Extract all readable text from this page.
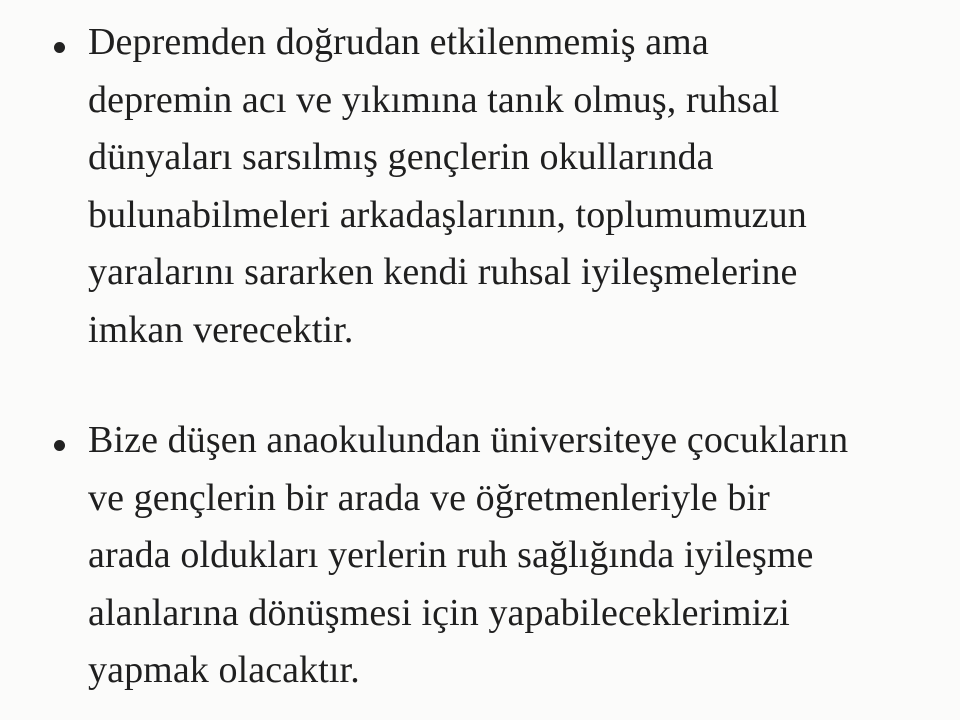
Depremden doğrudan etkilenmemiş ama
depremin acı ve yıkımına tanık olmuş, ruhsal
dünyaları sarsılmış gençlerin okullarında
bulunabilmeleri arkadaşlarının, toplumumuzun
yaralarını sararken kendi ruhsal iyileşmelerine
imkan verecektir.
Bize düşen anaokulundan üniversiteye çocukların
ve gençlerin bir arada ve öğretmenleriyle bir
arada oldukları yerlerin ruh sağlığında iyileşme
alanlarına dönüşmesi için yapabileceklerimizi
yapmak olacaktır.
